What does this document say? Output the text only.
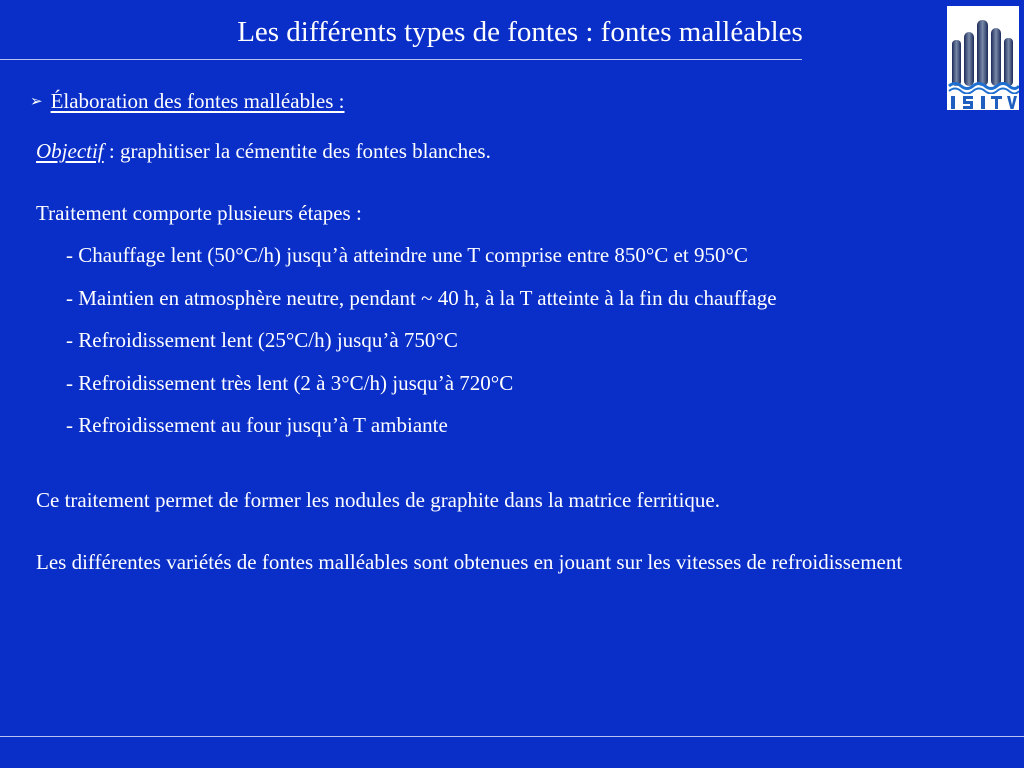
Les différents types de fontes : fontes malléables
➢ Élaboration des fontes malléables :
Objectif : graphitiser la cémentite des fontes blanches.
Traitement comporte plusieurs étapes :
- Chauffage lent (50°C/h) jusqu’à atteindre une T comprise entre 850°C et 950°C
- Maintien en atmosphère neutre, pendant ~ 40 h, à la T atteinte à la fin du chauffage
- Refroidissement lent (25°C/h) jusqu’à 750°C
- Refroidissement très lent (2 à 3°C/h) jusqu’à 720°C
- Refroidissement au four jusqu’à T ambiante
Ce traitement permet de former les nodules de graphite dans la matrice ferritique.
Les différentes variétés de fontes malléables sont obtenues en jouant sur les vitesses de refroidissement
